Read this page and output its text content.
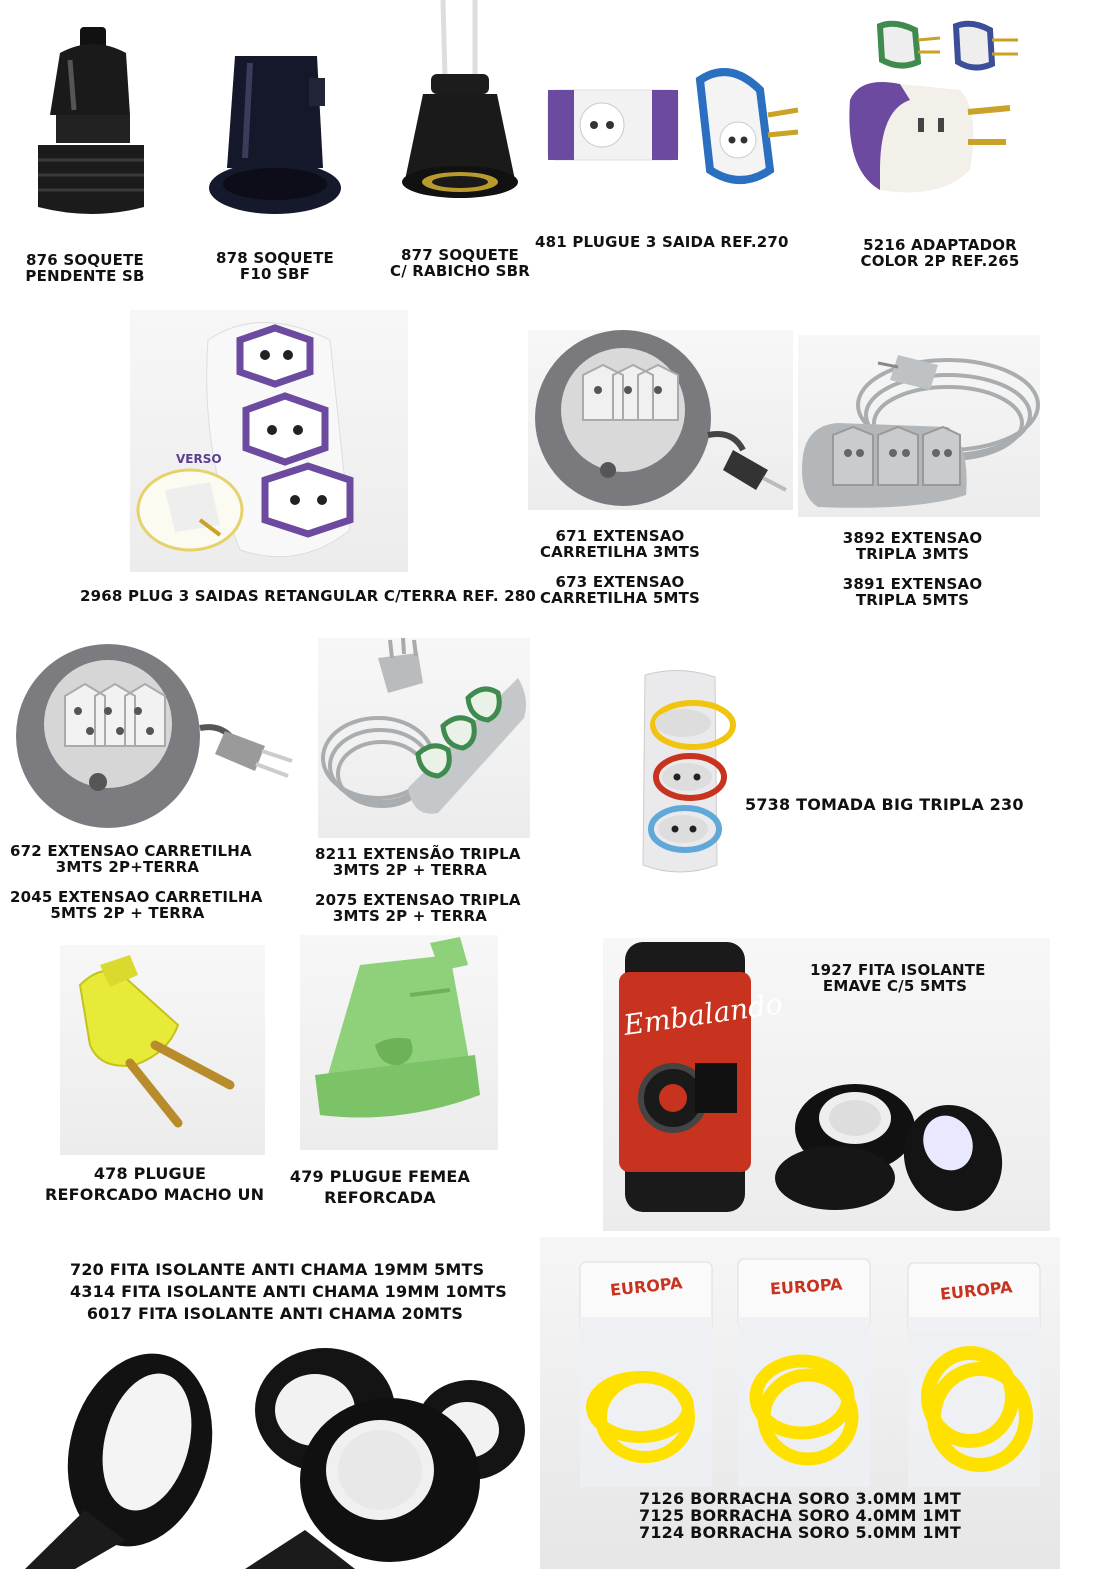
876 SOQUETE
PENDENTE SB
878 SOQUETE
F10 SBF
877 SOQUETE
C/ RABICHO SBR
481 PLUGUE 3 SAIDA REF.270	5216 ADAPTADOR
COLOR 2P REF.265
VERSO
2968 PLUG 3 SAIDAS RETANGULAR C/TERRA REF. 280
671 EXTENSAO
CARRETILHA 3MTS
673 EXTENSAO
CARRETILHA 5MTS
3892 EXTENSAO
TRIPLA 3MTS
3891 EXTENSAO
TRIPLA 5MTS
672 EXTENSAO CARRETILHA
3MTS 2P+TERRA
2045 EXTENSAO CARRETILHA
5MTS 2P + TERRA
8211 EXTENSÃO TRIPLA
3MTS 2P + TERRA
2075 EXTENSAO TRIPLA
3MTS 2P + TERRA
5738 TOMADA BIG TRIPLA 230
478 PLUGUE
REFORCADO MACHO UN
479 PLUGUE FEMEA
REFORCADA
Embalando
1927 FITA ISOLANTE
EMAVE C/5 5MTS
720 FITA ISOLANTE ANTI CHAMA 19MM 5MTS
4314 FITA ISOLANTE ANTI CHAMA 19MM 10MTS
6017 FITA ISOLANTE ANTI CHAMA 20MTS
EUROPA	EUROPA	EUROPA
7126 BORRACHA SORO 3.0MM 1MT
7125 BORRACHA SORO 4.0MM 1MT
7124 BORRACHA SORO 5.0MM 1MT
